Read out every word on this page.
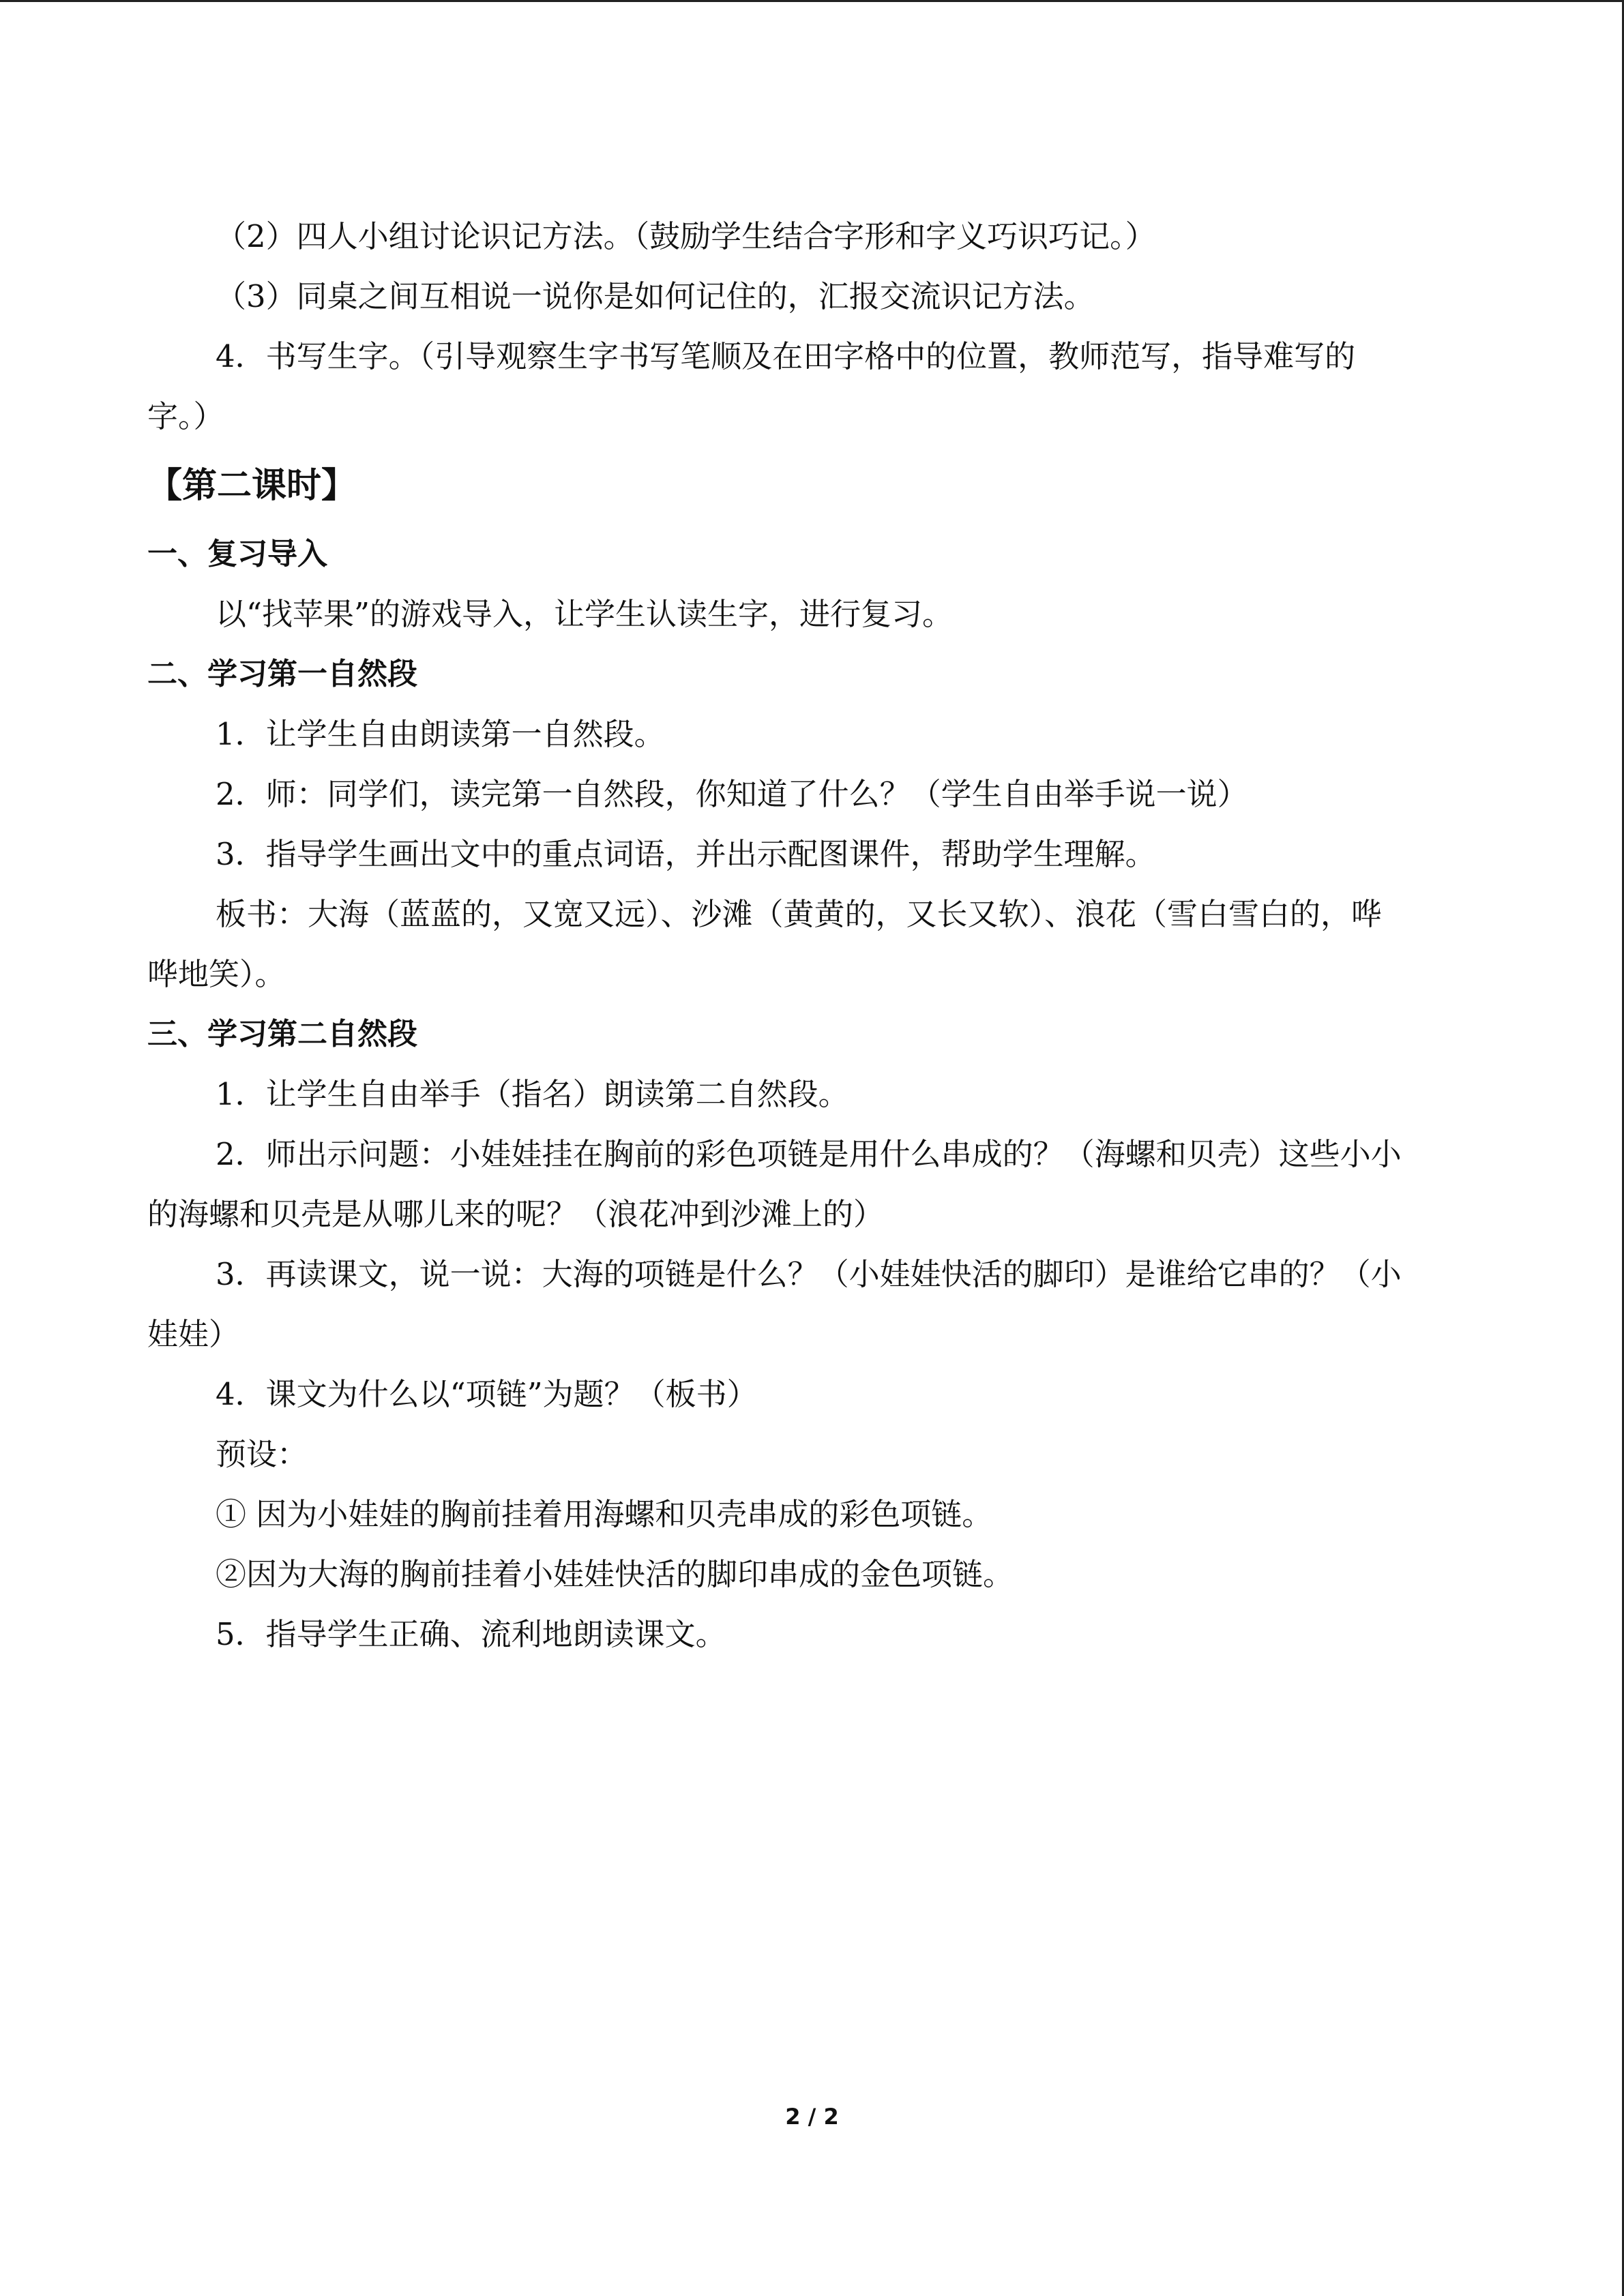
（2）四人小组讨论识记方法。（鼓励学生结合字形和字义巧识巧记。）
（3）同桌之间互相说一说你是如何记住的，汇报交流识记方法。
4．书写生字。（引导观察生字书写笔顺及在田字格中的位置，教师范写，指导难写的
字。）
【第二课时】
一、复习导入
以“找苹果”的游戏导入，让学生认读生字，进行复习。
二、学习第一自然段
1．让学生自由朗读第一自然段。
2．师：同学们，读完第一自然段，你知道了什么？（学生自由举手说一说）
3．指导学生画出文中的重点词语，并出示配图课件，帮助学生理解。
板书：大海（蓝蓝的，又宽又远）、沙滩（黄黄的，又长又软）、浪花（雪白雪白的，哗
哗地笑）。
三、学习第二自然段
1．让学生自由举手（指名）朗读第二自然段。
2．师出示问题：小娃娃挂在胸前的彩色项链是用什么串成的？（海螺和贝壳）这些小小
的海螺和贝壳是从哪儿来的呢？（浪花冲到沙滩上的）
3．再读课文，说一说：大海的项链是什么？（小娃娃快活的脚印）是谁给它串的？（小
娃娃）
4．课文为什么以“项链”为题？（板书）
预设：
① 因为小娃娃的胸前挂着用海螺和贝壳串成的彩色项链。
②因为大海的胸前挂着小娃娃快活的脚印串成的金色项链。
5．指导学生正确、流利地朗读课文。
2 / 2
